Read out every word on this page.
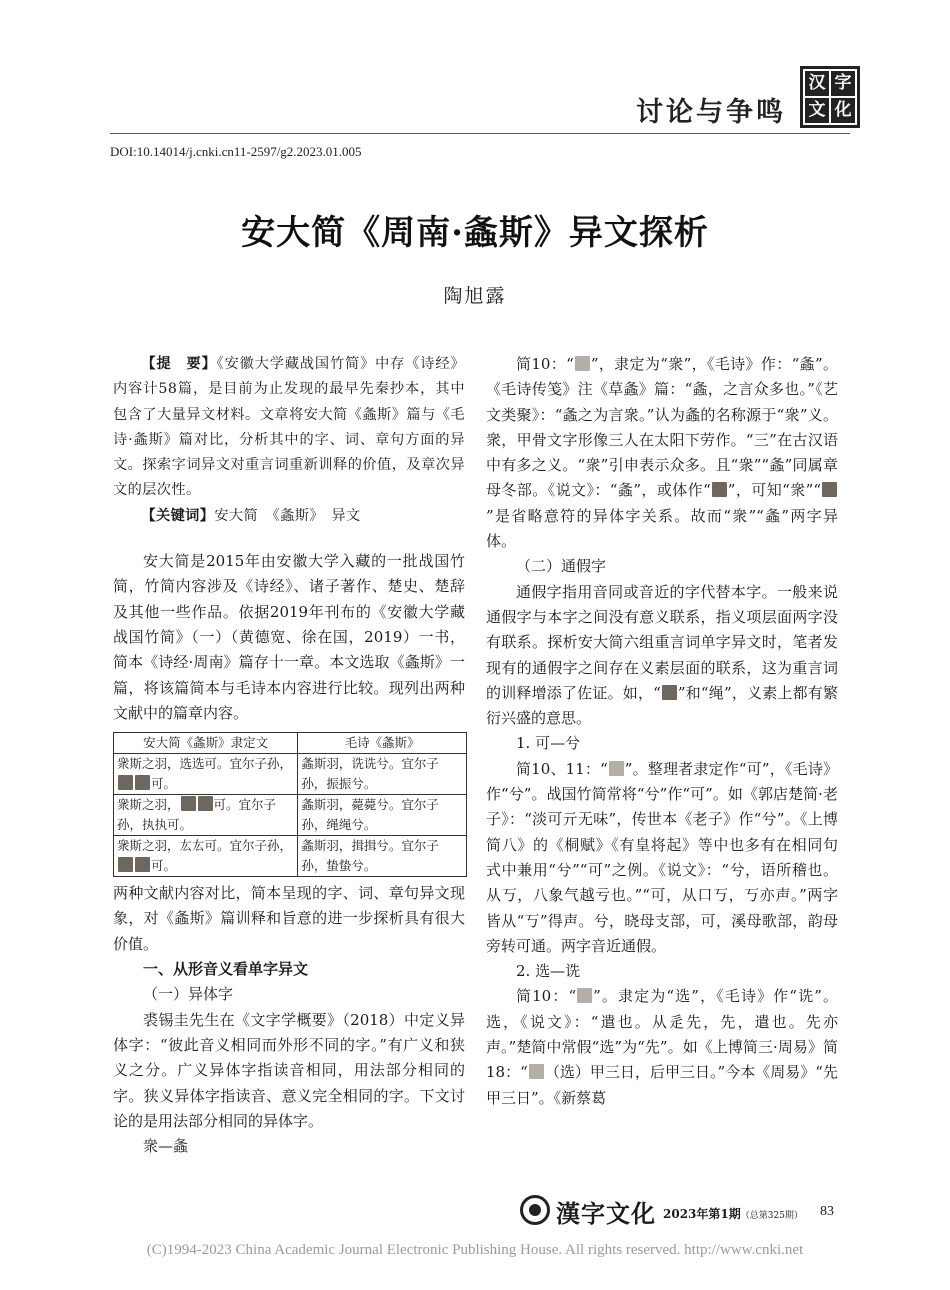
讨论与争鸣
汉 字
文 化
DOI:10.14014/j.cnki.cn11-2597/g2.2023.01.005
安大简《周南·螽斯》异文探析
陶旭露

【提　要】《安徽大学藏战国竹简》中存《诗经》内容计58篇，是目前为止发现的最早先秦抄本，其中包含了大量异文材料。文章将安大简《螽斯》篇与《毛诗·螽斯》篇对比，分析其中的字、词、章句方面的异文。探索字词异文对重言词重新训释的价值，及章次异文的层次性。

【关键词】安大简　《螽斯》　异文

安大简是2015年由安徽大学入藏的一批战国竹简，竹简内容涉及《诗经》、诸子著作、楚史、楚辞及其他一些作品。依据2019年刊布的《安徽大学藏战国竹简》（一）（黄德宽、徐在国，2019）一书，简本《诗经·周南》篇存十一章。本文选取《螽斯》一篇，将该篇简本与毛诗本内容进行比较。现列出两种文献中的篇章内容。

安大简《螽斯》隶定文	毛诗《螽斯》
衆斯之羽，选选可。宜尔子孙，可。	螽斯羽，诜诜兮。宜尔子孙，振振兮。
衆斯之羽， 可。宜尔子孙，执执可。	螽斯羽，薨薨兮。宜尔子孙，绳绳兮。
衆斯之羽，厷厷可。宜尔子孙，可。	螽斯羽，揖揖兮。宜尔子孙，蛰蛰兮。

两种文献内容对比，简本呈现的字、词、章句异文现象，对《螽斯》篇训释和旨意的进一步探析具有很大价值。

一、从形音义看单字异文

（一）异体字

裘锡圭先生在《文字学概要》（2018）中定义异体字：“彼此音义相同而外形不同的字。”有广义和狭义之分。广义异体字指读音相同，用法部分相同的字。狭义异体字指读音、意义完全相同的字。下文讨论的是用法部分相同的异体字。

衆—螽

简10：“ ”，隶定为“衆”，《毛诗》作：“螽”。《毛诗传笺》注《草螽》篇：“螽，之言众多也。”《艺文类聚》：“螽之为言衆。”认为螽的名称源于“衆”义。衆，甲骨文字形像三人在太阳下劳作。“三”在古汉语中有多之义。“衆”引申表示众多。且“衆”“螽”同属章母冬部。《说文》：“螽”，或体作“ ”，可知“衆”“”是省略意符的异体字关系。故而“衆”“螽”两字异体。

（二）通假字

通假字指用音同或音近的字代替本字。一般来说通假字与本字之间没有意义联系，指义项层面两字没有联系。探析安大简六组重言词单字异文时，笔者发现有的通假字之间存在义素层面的联系，这为重言词的训释增添了佐证。如，“ ”和“绳”，义素上都有繁衍兴盛的意思。

1. 可—兮

简10、11：“ ”。整理者隶定作“可”，《毛诗》作“兮”。战国竹简常将“兮”作“可”。如《郭店楚简·老子》：“淡可亓无味”，传世本《老子》作“兮”。《上博简八》的《桐赋》《有皇将起》等中也多有在相同句式中兼用“兮”“可”之例。《说文》：“兮，语所稽也。从丂，八象气越亏也。”“可，从口丂，丂亦声。”两字皆从“丂”得声。兮，晓母支部，可，溪母歌部，韵母旁转可通。两字音近通假。

2. 选—诜

简10：“ ”。隶定为“选”，《毛诗》作“诜”。选，《说文》：“遣也。从辵先，先，遣也。先亦声。”楚简中常假“选”为“先”。如《上博简三·周易》简18：“ （选）甲三日，后甲三日。”今本《周易》“先甲三日”。《新蔡葛

漢字文化 2023年第1期（总第325期） 83
(C)1994-2023 China Academic Journal Electronic Publishing House. All rights reserved. http://www.cnki.net
